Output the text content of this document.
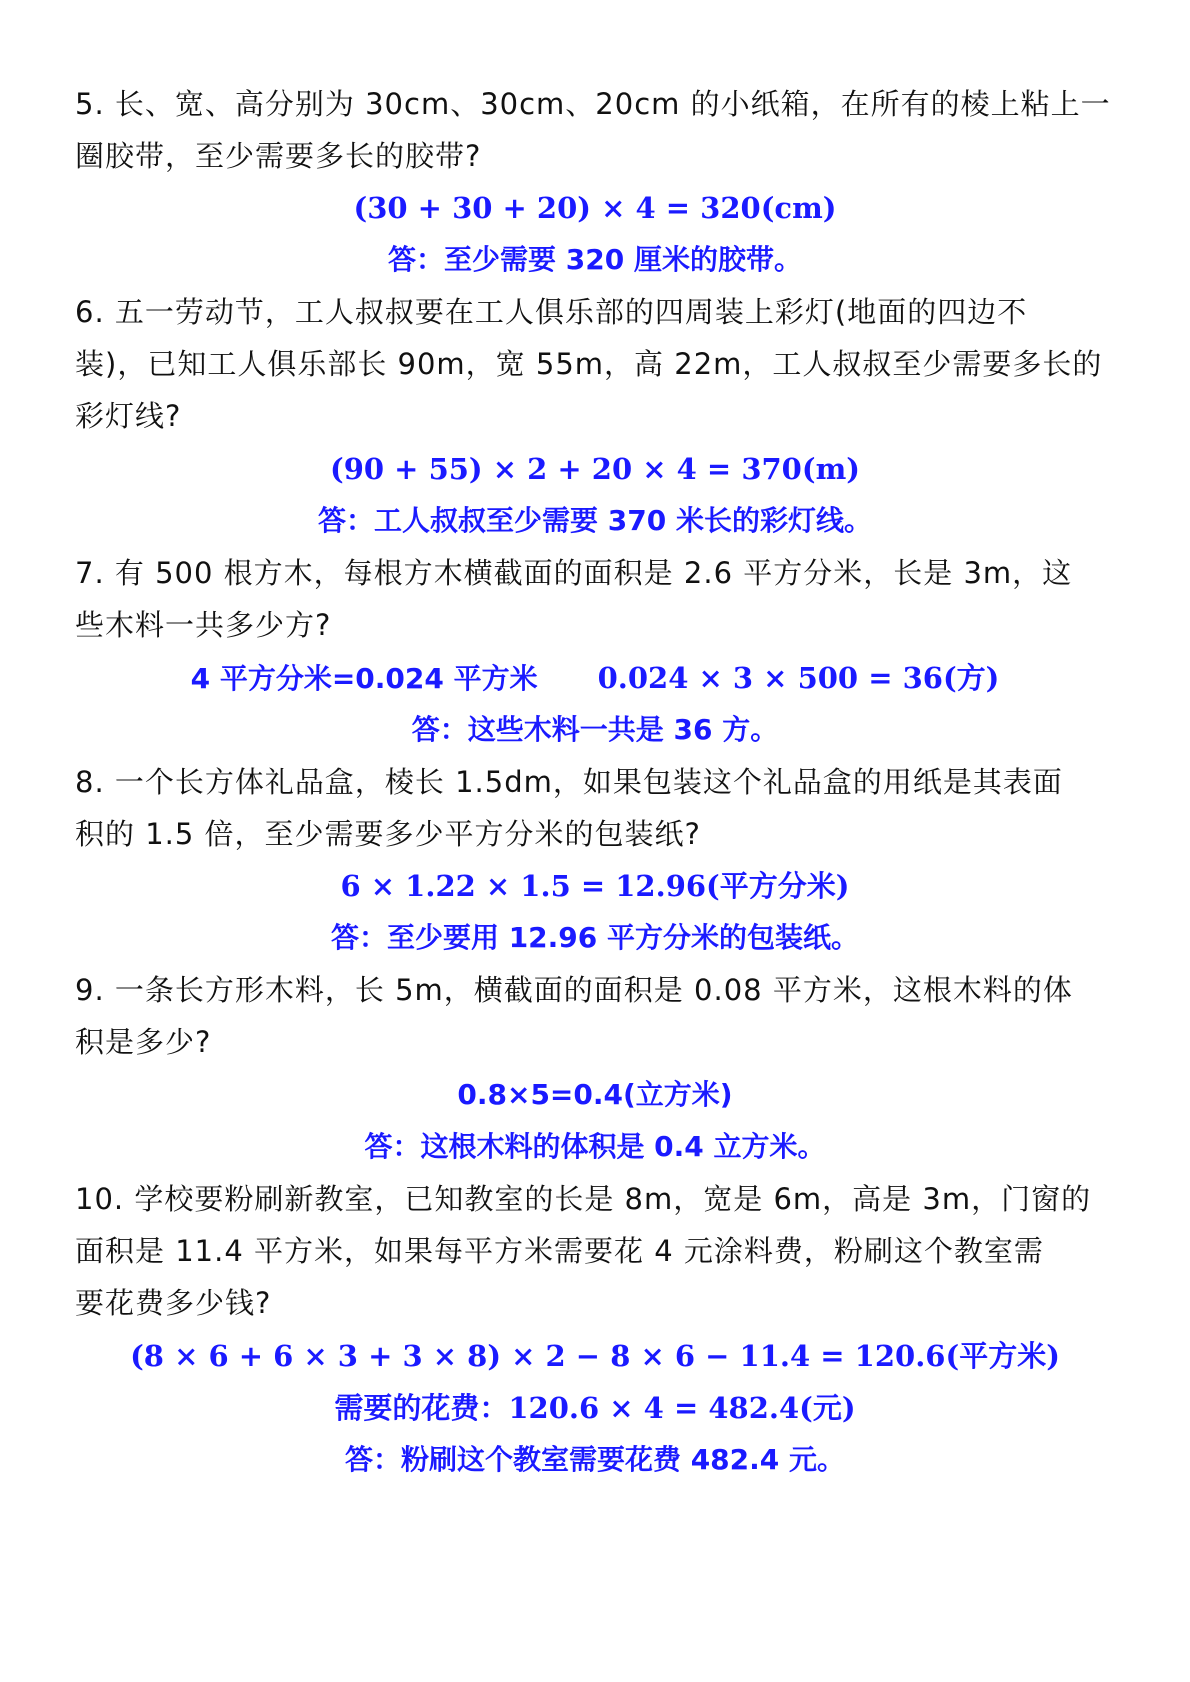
5. 长、宽、高分别为 30cm、30cm、20cm 的小纸箱，在所有的棱上粘上一
圈胶带，至少需要多长的胶带?
(30 + 30 + 20) × 4 = 320(cm)
答：至少需要 320 厘米的胶带。
6. 五一劳动节，工人叔叔要在工人俱乐部的四周装上彩灯(地面的四边不
装)，已知工人俱乐部长 90m，宽 55m，高 22m，工人叔叔至少需要多长的
彩灯线?
(90 + 55) × 2 + 20 × 4 = 370(m)
答：工人叔叔至少需要 370 米长的彩灯线。
7. 有 500 根方木，每根方木横截面的面积是 2.6 平方分米，长是 3m，这
些木料一共多少方?
4 平方分米=0.024 平方米 0.024 × 3 × 500 = 36(方)
答：这些木料一共是 36 方。
8. 一个长方体礼品盒，棱长 1.5dm，如果包装这个礼品盒的用纸是其表面
积的 1.5 倍，至少需要多少平方分米的包装纸?
6 × 1.22 × 1.5 = 12.96(平方分米)
答：至少要用 12.96 平方分米的包装纸。
9. 一条长方形木料，长 5m，横截面的面积是 0.08 平方米，这根木料的体
积是多少?
0.8×5=0.4(立方米)
答：这根木料的体积是 0.4 立方米。
10. 学校要粉刷新教室，已知教室的长是 8m，宽是 6m，高是 3m，门窗的
面积是 11.4 平方米，如果每平方米需要花 4 元涂料费，粉刷这个教室需
要花费多少钱?
(8 × 6 + 6 × 3 + 3 × 8) × 2 − 8 × 6 − 11.4 = 120.6(平方米)
需要的花费：120.6 × 4 = 482.4(元)
答：粉刷这个教室需要花费 482.4 元。
